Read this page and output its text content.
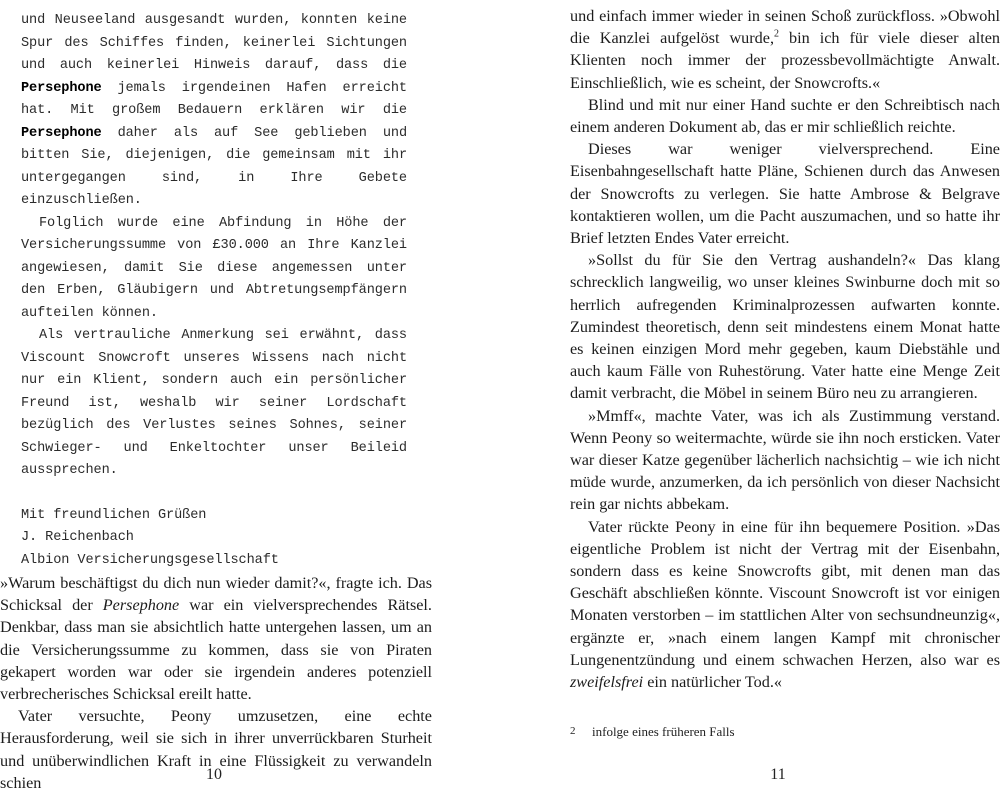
und Neuseeland ausgesandt wurden, konnten keine Spur des Schiffes finden, keinerlei Sichtungen und auch keinerlei Hinweis darauf, dass die Persephone jemals irgendeinen Hafen erreicht hat. Mit großem Bedauern erklären wir die Persephone daher als auf See geblieben und bitten Sie, diejenigen, die gemeinsam mit ihr untergegangen sind, in Ihre Gebete einzuschließen.

Folglich wurde eine Abfindung in Höhe der Versicherungssumme von £30.000 an Ihre Kanzlei angewiesen, damit Sie diese angemessen unter den Erben, Gläubigern und Abtretungsempfängern aufteilen können.

Als vertrauliche Anmerkung sei erwähnt, dass Viscount Snowcroft unseres Wissens nach nicht nur ein Klient, sondern auch ein persönlicher Freund ist, weshalb wir seiner Lordschaft bezüglich des Verlustes seines Sohnes, seiner Schwieger- und Enkeltochter unser Beileid aussprechen.

Mit freundlichen Grüßen

J. Reichenbach

Albion Versicherungsgesellschaft

»Warum beschäftigst du dich nun wieder damit?«, fragte ich. Das Schicksal der Persephone war ein vielversprechendes Rätsel. Denkbar, dass man sie absichtlich hatte untergehen lassen, um an die Versicherungssumme zu kommen, dass sie von Piraten gekapert worden war oder sie irgendein anderes potenziell verbrecherisches Schicksal ereilt hatte.

Vater versuchte, Peony umzusetzen, eine echte Herausforderung, weil sie sich in ihrer unverrückbaren Sturheit und unüberwindlichen Kraft in eine Flüssigkeit zu verwandeln schien	10

und einfach immer wieder in seinen Schoß zurückfloss. »Obwohl die Kanzlei aufgelöst wurde,$^2$ bin ich für viele dieser alten Klienten noch immer der prozessbevollmächtigte Anwalt. Einschließlich, wie es scheint, der Snowcrofts.«

Blind und mit nur einer Hand suchte er den Schreibtisch nach einem anderen Dokument ab, das er mir schließlich reichte.

Dieses war weniger vielversprechend. Eine Eisenbahngesellschaft hatte Pläne, Schienen durch das Anwesen der Snowcrofts zu verlegen. Sie hatte Ambrose & Belgrave kontaktieren wollen, um die Pacht auszumachen, und so hatte ihr Brief letzten Endes Vater erreicht.

»Sollst du für Sie den Vertrag aushandeln?« Das klang schrecklich langweilig, wo unser kleines Swinburne doch mit so herrlich aufregenden Kriminalprozessen aufwarten konnte. Zumindest theoretisch, denn seit mindestens einem Monat hatte es keinen einzigen Mord mehr gegeben, kaum Diebstähle und auch kaum Fälle von Ruhestörung. Vater hatte eine Menge Zeit damit verbracht, die Möbel in seinem Büro neu zu arrangieren.

»Mmff«, machte Vater, was ich als Zustimmung verstand. Wenn Peony so weitermachte, würde sie ihn noch ersticken. Vater war dieser Katze gegenüber lächerlich nachsichtig – wie ich nicht müde wurde, anzumerken, da ich persönlich von dieser Nachsicht rein gar nichts abbekam.

Vater rückte Peony in eine für ihn bequemere Position. »Das eigentliche Problem ist nicht der Vertrag mit der Eisenbahn, sondern dass es keine Snowcrofts gibt, mit denen man das Geschäft abschließen könnte. Viscount Snowcroft ist vor einigen Monaten verstorben – im stattlichen Alter von sechsundneunzig«, ergänzte er, »nach einem langen Kampf mit chronischer Lungenentzündung und einem schwachen Herzen, also war es zweifelsfrei ein natürlicher Tod.«

2 infolge eines früheren Falls
11
